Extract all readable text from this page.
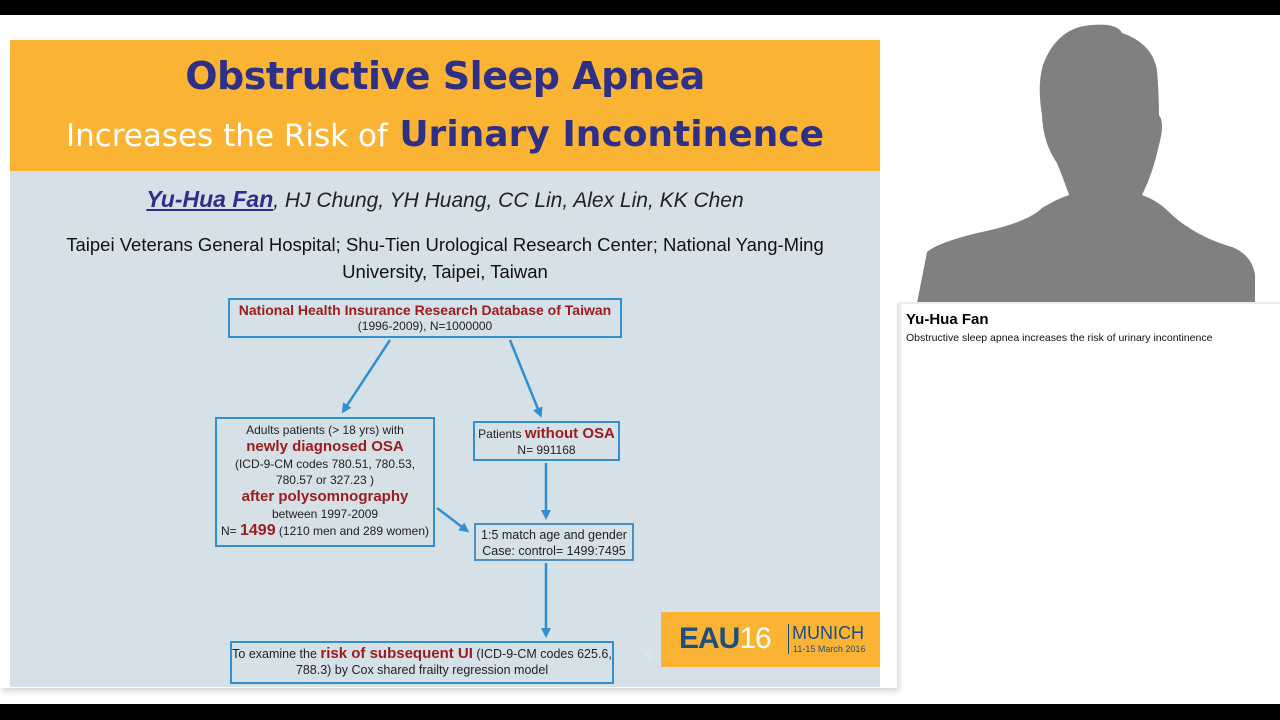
Obstructive Sleep Apnea
Increases the Risk of Urinary Incontinence
Yu-Hua Fan, HJ Chung, YH Huang, CC Lin, Alex Lin, KK Chen
Taipei Veterans General Hospital; Shu-Tien Urological Research Center; National Yang-Ming
University, Taipei, Taiwan
National Health Insurance Research Database of Taiwan
(1996-2009), N=1000000
Adults patients (> 18 yrs) with
newly diagnosed OSA
(ICD-9-CM codes 780.51, 780.53,
780.57 or 327.23 )
after polysomnography
between 1997-2009
N= 1499 (1210 men and 289 women)
Patients without OSA
N= 991168
1:5 match age and gender
Case: control= 1499:7495
To examine the risk of subsequent UI (ICD-9-CM codes 625.6,
788.3) by Cox shared frailty regression model
©
EAU16 MUNICH
11-15 March 2016
Yu-Hua Fan
Obstructive sleep apnea increases the risk of urinary incontinence
